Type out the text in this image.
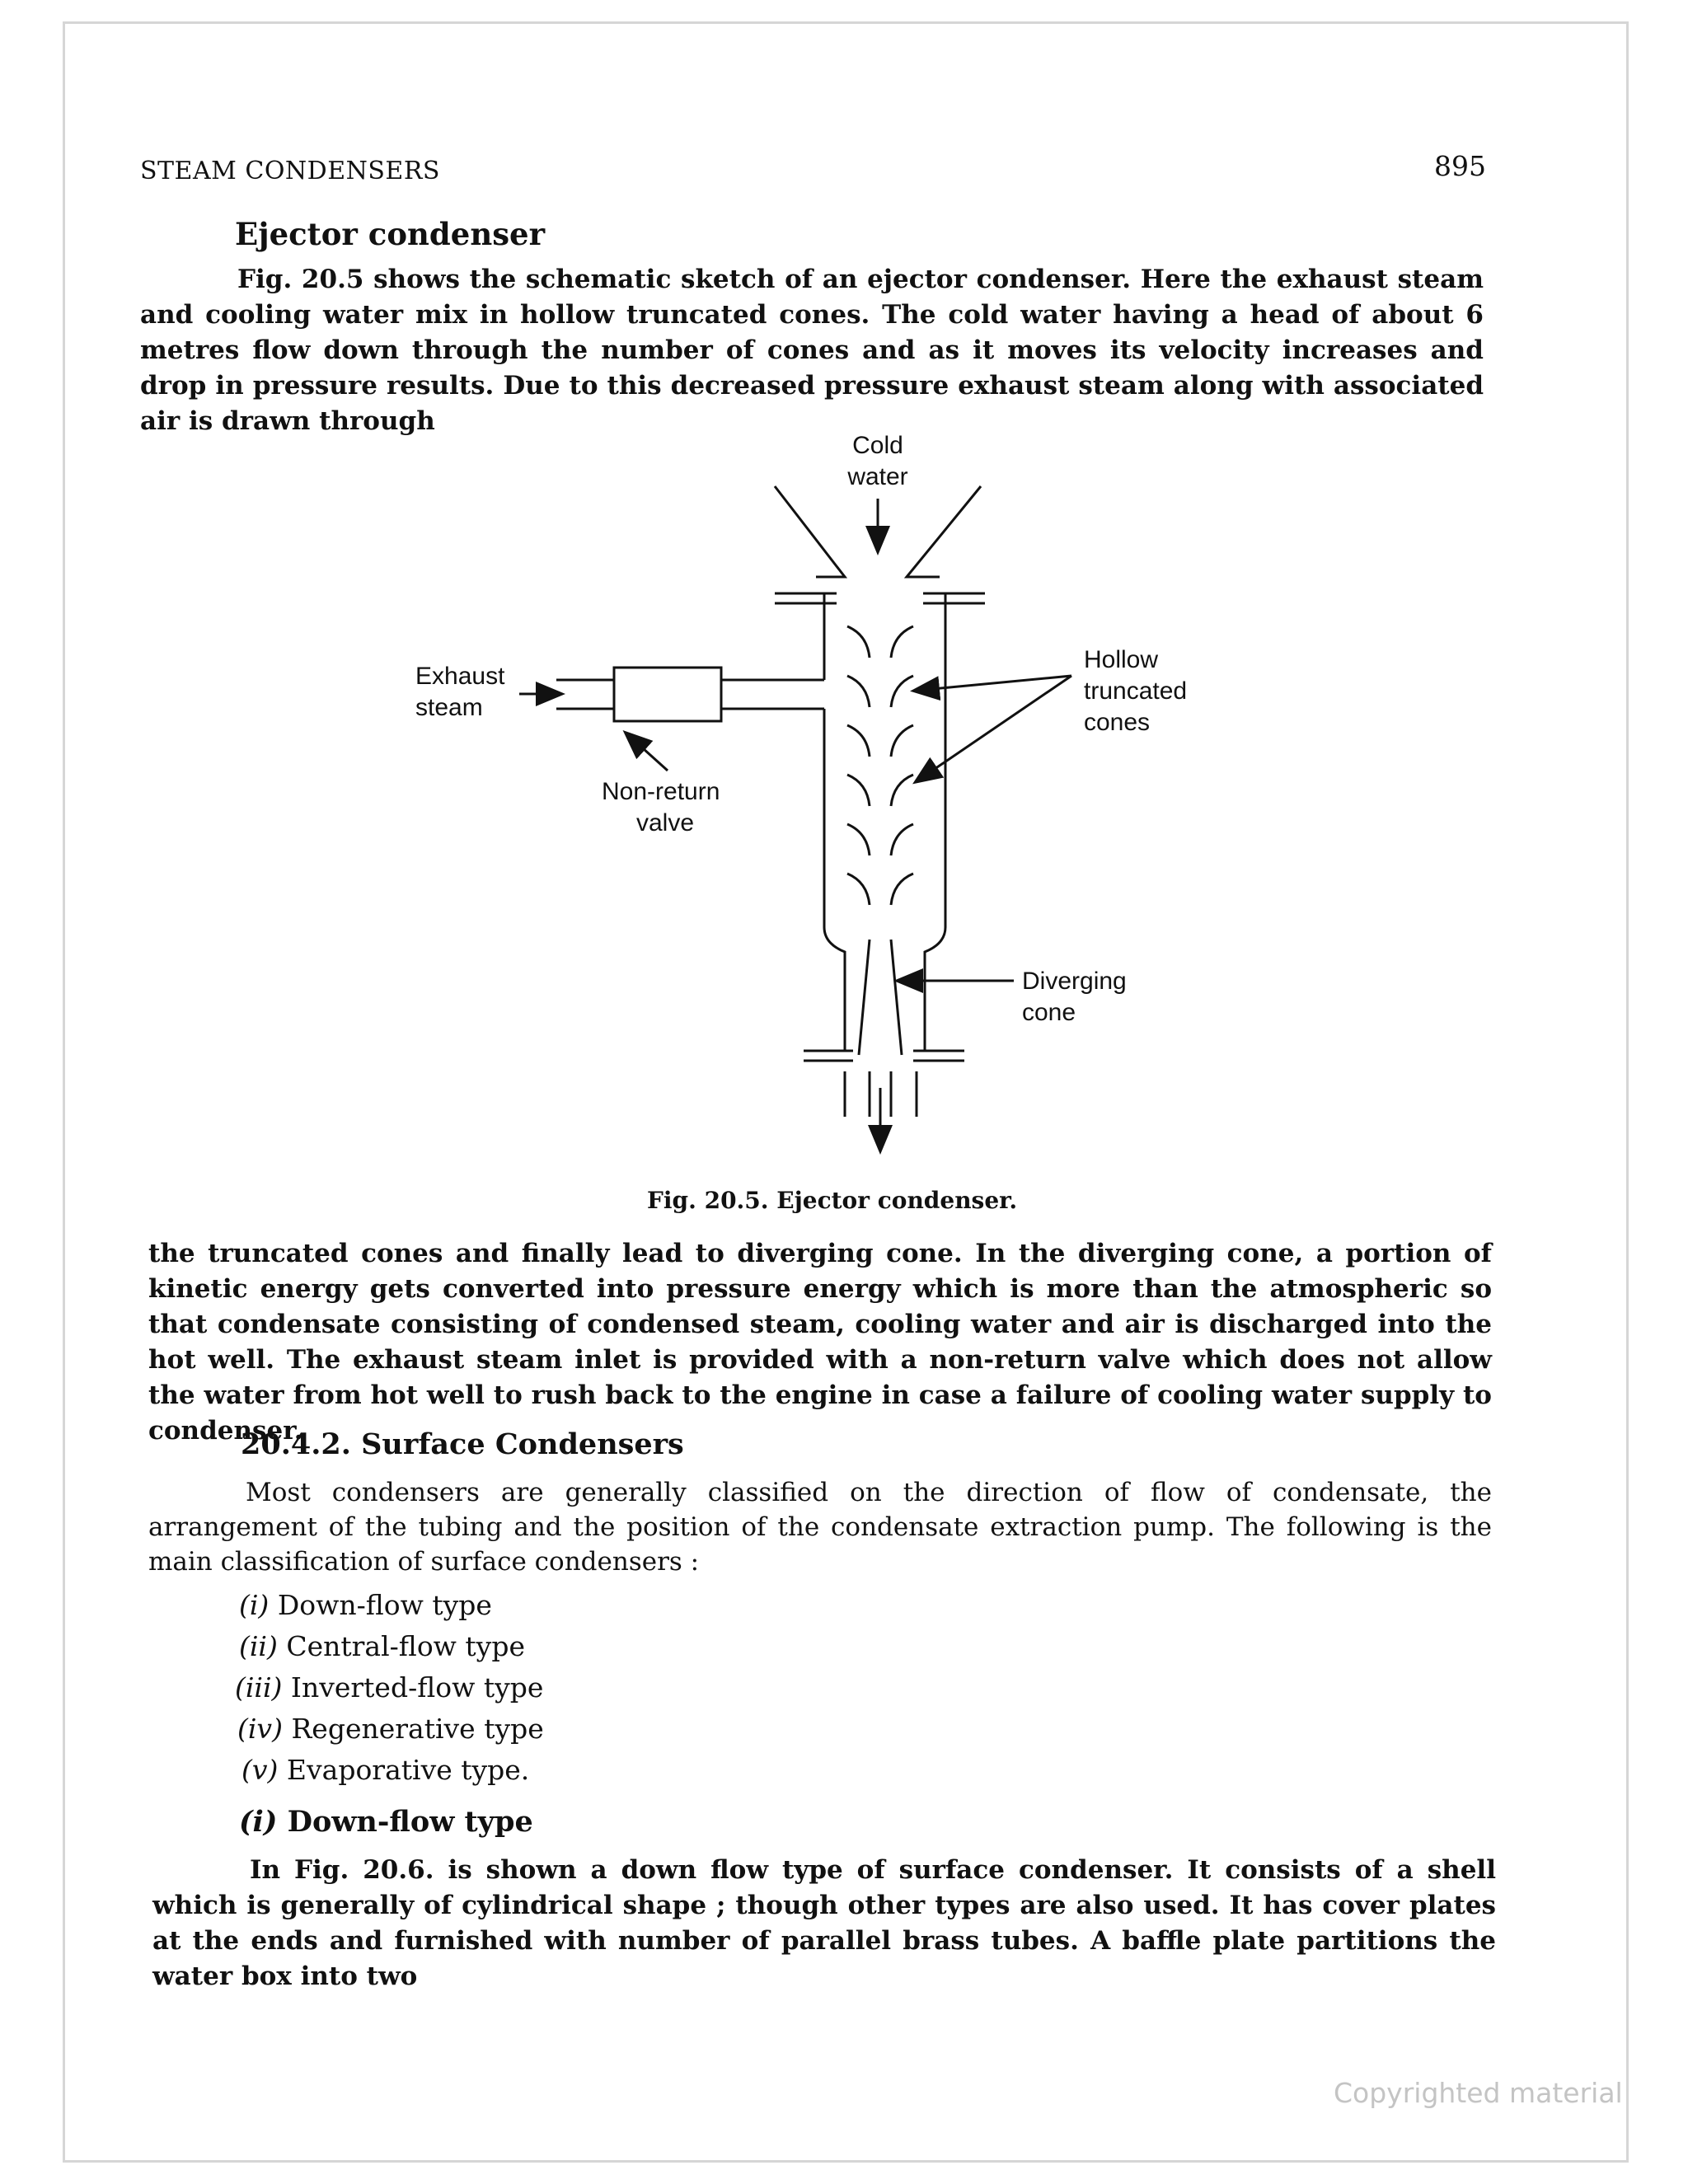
STEAM CONDENSERS	895
Ejector condenser
Fig. 20.5 shows the schematic sketch of an ejector condenser. Here the exhaust steam and cooling water mix in hollow truncated cones. The cold water having a head of about 6 metres flow down through the number of cones and as it moves its velocity increases and drop in pressure results. Due to this decreased pressure exhaust steam along with associated air is drawn through
Cold
water
Exhaust
steam
Non-return
valve
Hollow
truncated
cones
Diverging
cone
Fig. 20.5. Ejector condenser.
the truncated cones and finally lead to diverging cone. In the diverging cone, a portion of kinetic energy gets converted into pressure energy which is more than the atmospheric so that condensate consisting of condensed steam, cooling water and air is discharged into the hot well. The exhaust steam inlet is provided with a non-return valve which does not allow the water from hot well to rush back to the engine in case a failure of cooling water supply to condenser.
20.4.2. Surface Condensers
Most condensers are generally classified on the direction of flow of condensate, the arrangement of the tubing and the position of the condensate extraction pump. The following is the main classification of surface condensers :
(i) Down-flow type
(ii) Central-flow type
(iii) Inverted-flow type
(iv) Regenerative type
(v) Evaporative type.
(i) Down-flow type
In Fig. 20.6. is shown a down flow type of surface condenser. It consists of a shell which is generally of cylindrical shape ; though other types are also used. It has cover plates at the ends and furnished with number of parallel brass tubes. A baffle plate partitions the water box into two
Copyrighted material
